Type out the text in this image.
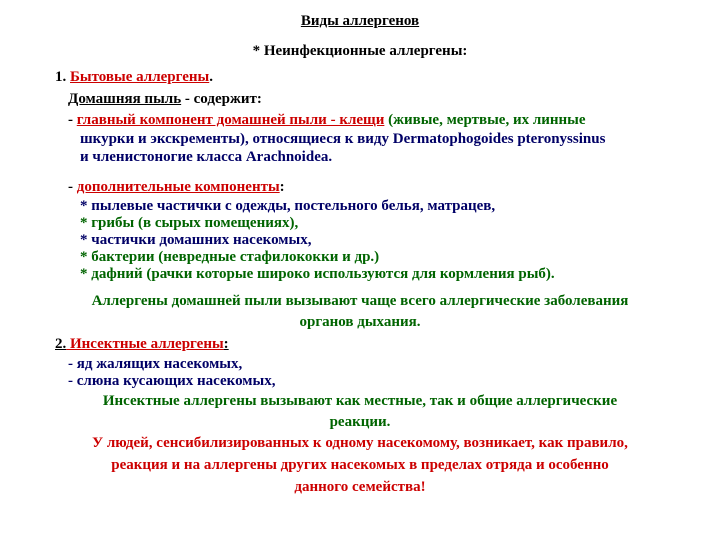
Виды аллергенов
* Неинфекционные аллергены:
1. Бытовые аллергены.
Домашняя пыль - содержит:
- главный компонент домашней пыли - клещи (живые, мертвые, их линные
шкурки и экскременты), относящиеся к виду Dermatophogoides pteronyssinus
и членистоногие класса Arachnoidea.
- дополнительные компоненты:
* пылевые частички с одежды, постельного белья, матрацев,
* грибы (в сырых помещениях),
* частички домашних насекомых,
* бактерии (невредные стафилококки и др.)
* дафний (рачки которые широко используются для кормления рыб).
Аллергены домашней пыли вызывают чаще всего аллергические заболевания
органов дыхания.
2. Инсектные аллергены:
- яд жалящих насекомых,
- слюна кусающих насекомых,
Инсектные аллергены вызывают как местные, так и общие аллергические
реакции.
У людей, сенсибилизированных к одному насекомому, возникает, как правило,
реакция и на аллергены других насекомых в пределах отряда и особенно
данного семейства!
